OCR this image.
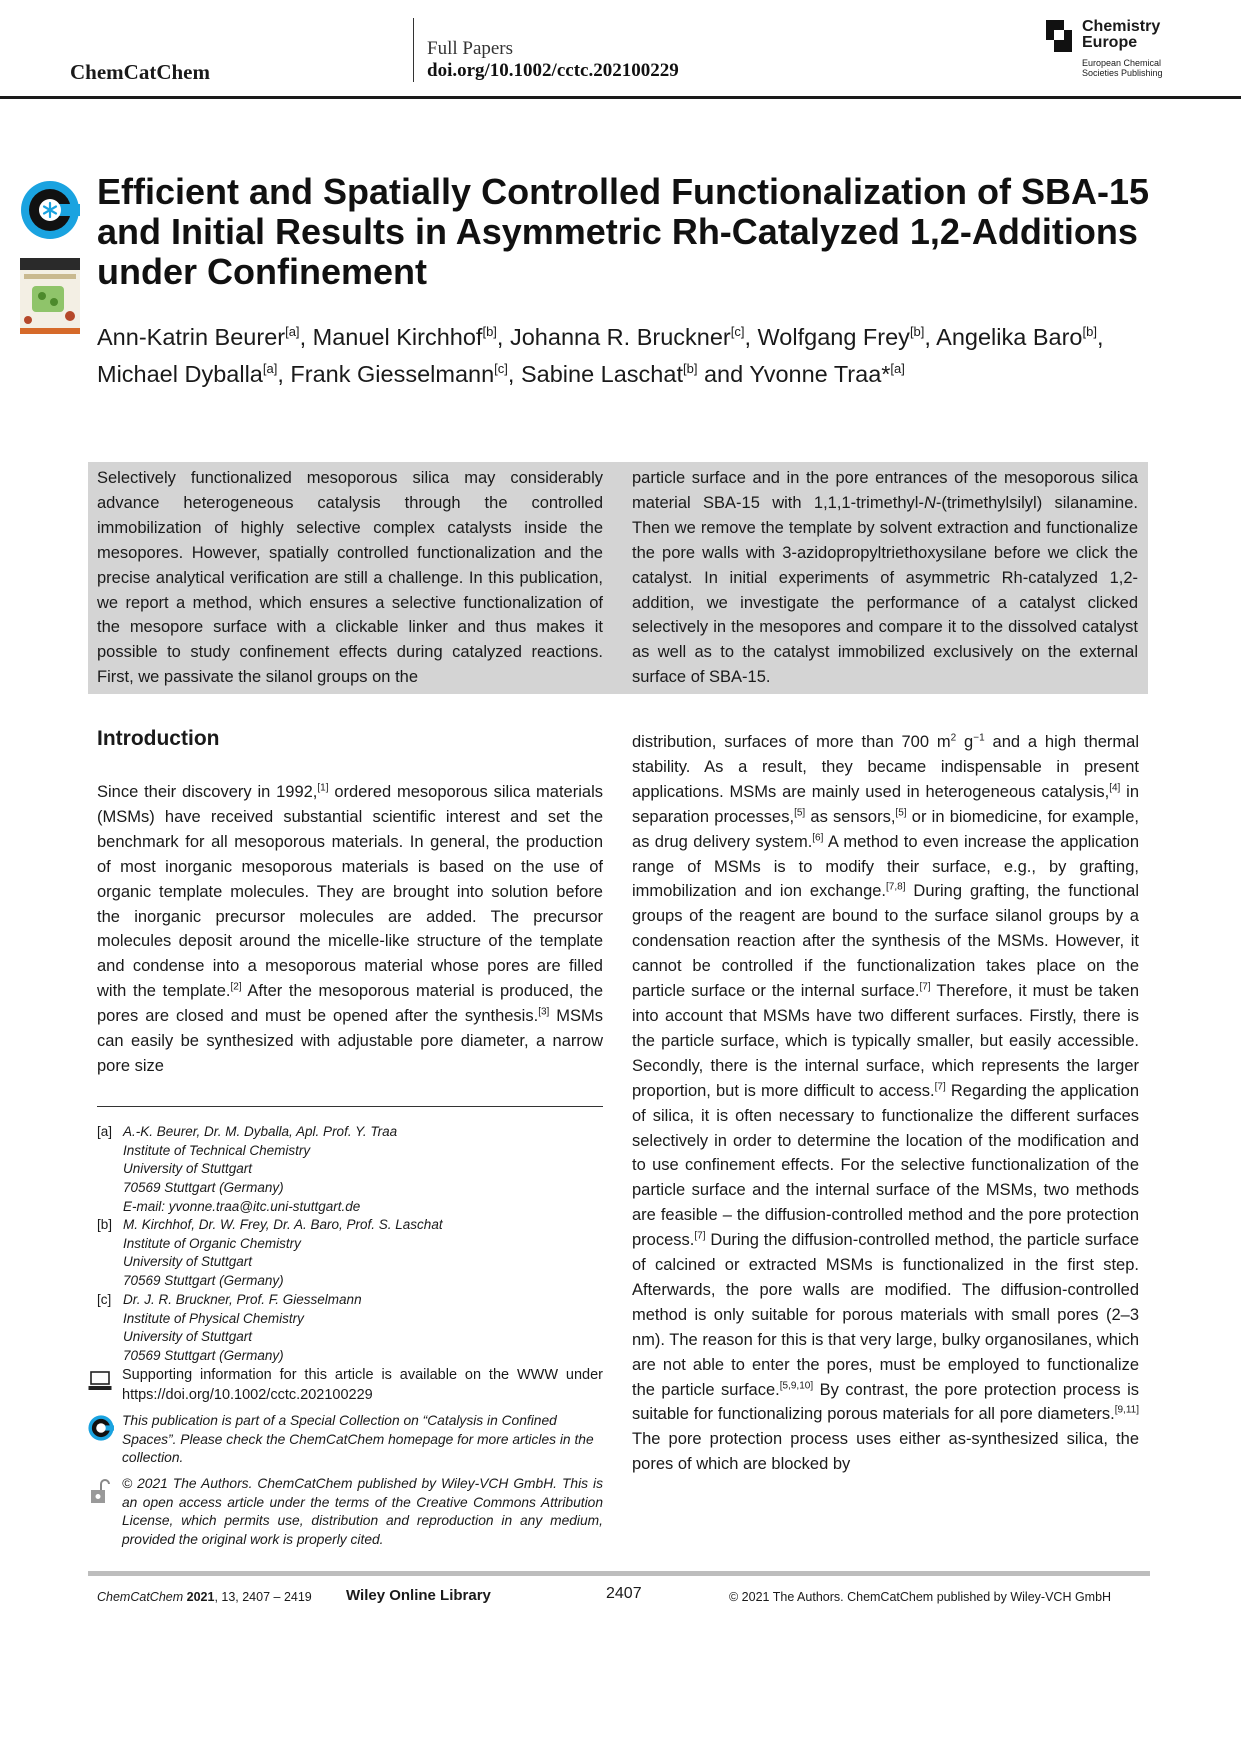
ChemCatChem
Full Papers
doi.org/10.1002/cctc.202100229
Chemistry
Europe
European Chemical
Societies Publishing
Efficient and Spatially Controlled Functionalization of SBA-15 and Initial Results in Asymmetric Rh-Catalyzed 1,2-Additions under Confinement
Ann-Katrin Beurer[a], Manuel Kirchhof[b], Johanna R. Bruckner[c], Wolfgang Frey[b], Angelika Baro[b], Michael Dyballa[a], Frank Giesselmann[c], Sabine Laschat[b] and Yvonne Traa*[a]

Selectively functionalized mesoporous silica may considerably advance heterogeneous catalysis through the controlled immobilization of highly selective complex catalysts inside the mesopores. However, spatially controlled functionalization and the precise analytical verification are still a challenge. In this publication, we report a method, which ensures a selective functionalization of the mesopore surface with a clickable linker and thus makes it possible to study confinement effects during catalyzed reactions. First, we passivate the silanol groups on the

particle surface and in the pore entrances of the mesoporous silica material SBA-15 with 1,1,1-trimethyl-N-(trimethylsilyl) silanamine. Then we remove the template by solvent extraction and functionalize the pore walls with 3-azidopropyltriethoxysilane before we click the catalyst. In initial experiments of asymmetric Rh-catalyzed 1,2-addition, we investigate the performance of a catalyst clicked selectively in the mesopores and compare it to the dissolved catalyst as well as to the catalyst immobilized exclusively on the external surface of SBA-15.

Introduction

Since their discovery in 1992,[1] ordered mesoporous silica materials (MSMs) have received substantial scientific interest and set the benchmark for all mesoporous materials. In general, the production of most inorganic mesoporous materials is based on the use of organic template molecules. They are brought into solution before the inorganic precursor molecules are added. The precursor molecules deposit around the micelle-like structure of the template and condense into a mesoporous material whose pores are filled with the template.[2] After the mesoporous material is produced, the pores are closed and must be opened after the synthesis.[3] MSMs can easily be synthesized with adjustable pore diameter, a narrow pore size

distribution, surfaces of more than 700 $m^2$ $g^{-1}$ and a high thermal stability. As a result, they became indispensable in present applications. MSMs are mainly used in heterogeneous catalysis,[4] in separation processes,[5] as sensors,[5] or in biomedicine, for example, as drug delivery system.[6] A method to even increase the application range of MSMs is to modify their surface, e.g., by grafting, immobilization and ion exchange.[7,8] During grafting, the functional groups of the reagent are bound to the surface silanol groups by a condensation reaction after the synthesis of the MSMs. However, it cannot be controlled if the functionalization takes place on the particle surface or the internal surface.[7] Therefore, it must be taken into account that MSMs have two different surfaces. Firstly, there is the particle surface, which is typically smaller, but easily accessible. Secondly, there is the internal surface, which represents the larger proportion, but is more difficult to access.[7] Regarding the application of silica, it is often necessary to functionalize the different surfaces selectively in order to determine the location of the modification and to use confinement effects. For the selective functionalization of the particle surface and the internal surface of the MSMs, two methods are feasible – the diffusion-controlled method and the pore protection process.[7] During the diffusion-controlled method, the particle surface of calcined or extracted MSMs is functionalized in the first step. Afterwards, the pore walls are modified. The diffusion-controlled method is only suitable for porous materials with small pores (2–3 nm). The reason for this is that very large, bulky organosilanes, which are not able to enter the pores, must be employed to functionalize the particle surface.[5,9,10] By contrast, the pore protection process is suitable for functionalizing porous materials for all pore diameters.[9,11] The pore protection process uses either as-synthesized silica, the pores of which are blocked by

[a] A.-K. Beurer, Dr. M. Dyballa, Apl. Prof. Y. Traa
Institute of Technical Chemistry
University of Stuttgart
70569 Stuttgart (Germany)
E-mail: yvonne.traa@itc.uni-stuttgart.de
[b] M. Kirchhof, Dr. W. Frey, Dr. A. Baro, Prof. S. Laschat
Institute of Organic Chemistry
University of Stuttgart
70569 Stuttgart (Germany)
[c] Dr. J. R. Bruckner, Prof. F. Giesselmann
Institute of Physical Chemistry
University of Stuttgart
70569 Stuttgart (Germany)
Supporting information for this article is available on the WWW under https://doi.org/10.1002/cctc.202100229
This publication is part of a Special Collection on “Catalysis in Confined Spaces”. Please check the ChemCatChem homepage for more articles in the collection.
© 2021 The Authors. ChemCatChem published by Wiley-VCH GmbH. This is an open access article under the terms of the Creative Commons Attribution License, which permits use, distribution and reproduction in any medium, provided the original work is properly cited.
ChemCatChem 2021, 13, 2407 – 2419 Wiley Online Library	2407	© 2021 The Authors. ChemCatChem published by Wiley-VCH GmbH
